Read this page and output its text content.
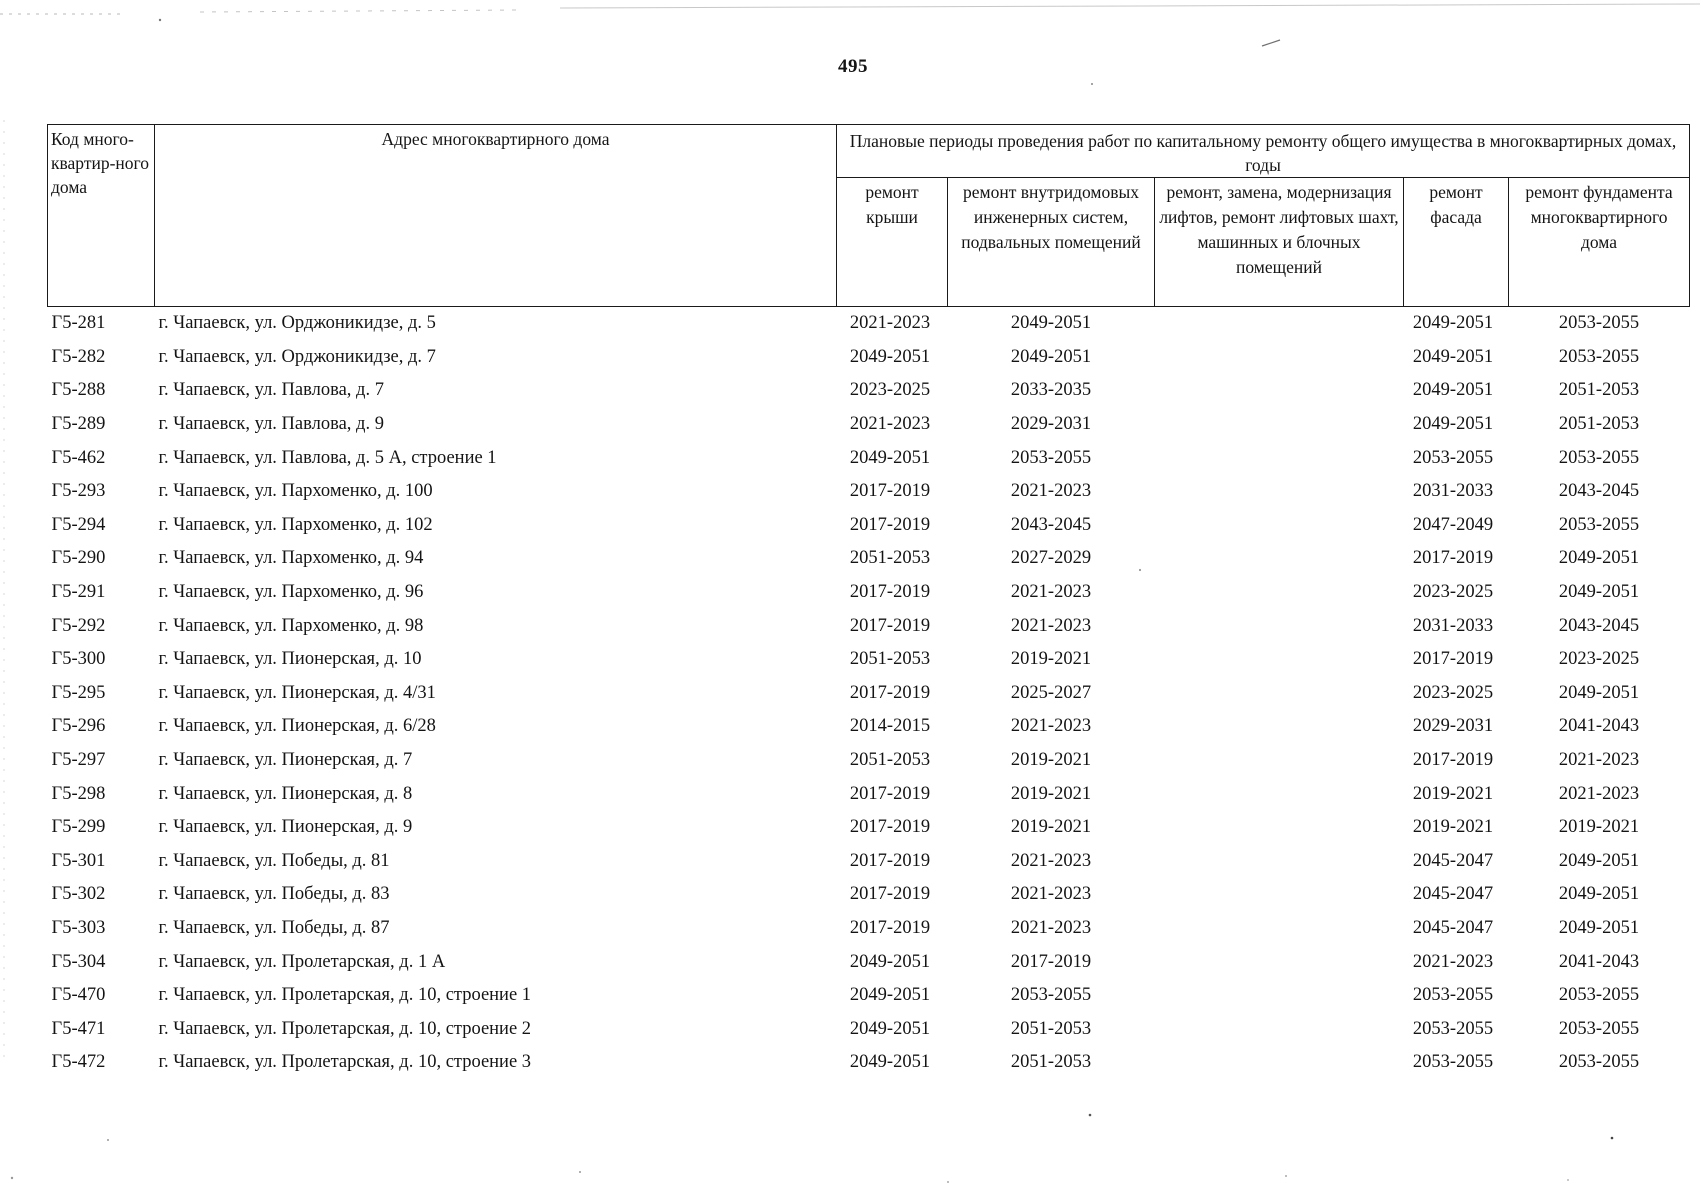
495
Код много-квартир-ного дома	Адрес многоквартирного дома	Плановые периоды проведения работ по капитальному ремонту общего имущества в многоквартирных домах, годы				
		ремонт крыши	ремонт внутридомовых инженерных систем, подвальных помещений	ремонт, замена, модернизация лифтов, ремонт лифтовых шахт, машинных и блочных помещений	ремонт фасада	ремонт фундамента многоквартирного дома
Г5-281	г. Чапаевск, ул. Орджоникидзе, д. 5	2021-2023	2049-2051		2049-2051	2053-2055
Г5-282	г. Чапаевск, ул. Орджоникидзе, д. 7	2049-2051	2049-2051		2049-2051	2053-2055
Г5-288	г. Чапаевск, ул. Павлова, д. 7	2023-2025	2033-2035		2049-2051	2051-2053
Г5-289	г. Чапаевск, ул. Павлова, д. 9	2021-2023	2029-2031		2049-2051	2051-2053
Г5-462	г. Чапаевск, ул. Павлова, д. 5 А, строение 1	2049-2051	2053-2055		2053-2055	2053-2055
Г5-293	г. Чапаевск, ул. Пархоменко, д. 100	2017-2019	2021-2023		2031-2033	2043-2045
Г5-294	г. Чапаевск, ул. Пархоменко, д. 102	2017-2019	2043-2045		2047-2049	2053-2055
Г5-290	г. Чапаевск, ул. Пархоменко, д. 94	2051-2053	2027-2029		2017-2019	2049-2051
Г5-291	г. Чапаевск, ул. Пархоменко, д. 96	2017-2019	2021-2023		2023-2025	2049-2051
Г5-292	г. Чапаевск, ул. Пархоменко, д. 98	2017-2019	2021-2023		2031-2033	2043-2045
Г5-300	г. Чапаевск, ул. Пионерская, д. 10	2051-2053	2019-2021		2017-2019	2023-2025
Г5-295	г. Чапаевск, ул. Пионерская, д. 4/31	2017-2019	2025-2027		2023-2025	2049-2051
Г5-296	г. Чапаевск, ул. Пионерская, д. 6/28	2014-2015	2021-2023		2029-2031	2041-2043
Г5-297	г. Чапаевск, ул. Пионерская, д. 7	2051-2053	2019-2021		2017-2019	2021-2023
Г5-298	г. Чапаевск, ул. Пионерская, д. 8	2017-2019	2019-2021		2019-2021	2021-2023
Г5-299	г. Чапаевск, ул. Пионерская, д. 9	2017-2019	2019-2021		2019-2021	2019-2021
Г5-301	г. Чапаевск, ул. Победы, д. 81	2017-2019	2021-2023		2045-2047	2049-2051
Г5-302	г. Чапаевск, ул. Победы, д. 83	2017-2019	2021-2023		2045-2047	2049-2051
Г5-303	г. Чапаевск, ул. Победы, д. 87	2017-2019	2021-2023		2045-2047	2049-2051
Г5-304	г. Чапаевск, ул. Пролетарская, д. 1 А	2049-2051	2017-2019		2021-2023	2041-2043
Г5-470	г. Чапаевск, ул. Пролетарская, д. 10, строение 1	2049-2051	2053-2055		2053-2055	2053-2055
Г5-471	г. Чапаевск, ул. Пролетарская, д. 10, строение 2	2049-2051	2051-2053		2053-2055	2053-2055
Г5-472	г. Чапаевск, ул. Пролетарская, д. 10, строение 3	2049-2051	2051-2053		2053-2055	2053-2055
